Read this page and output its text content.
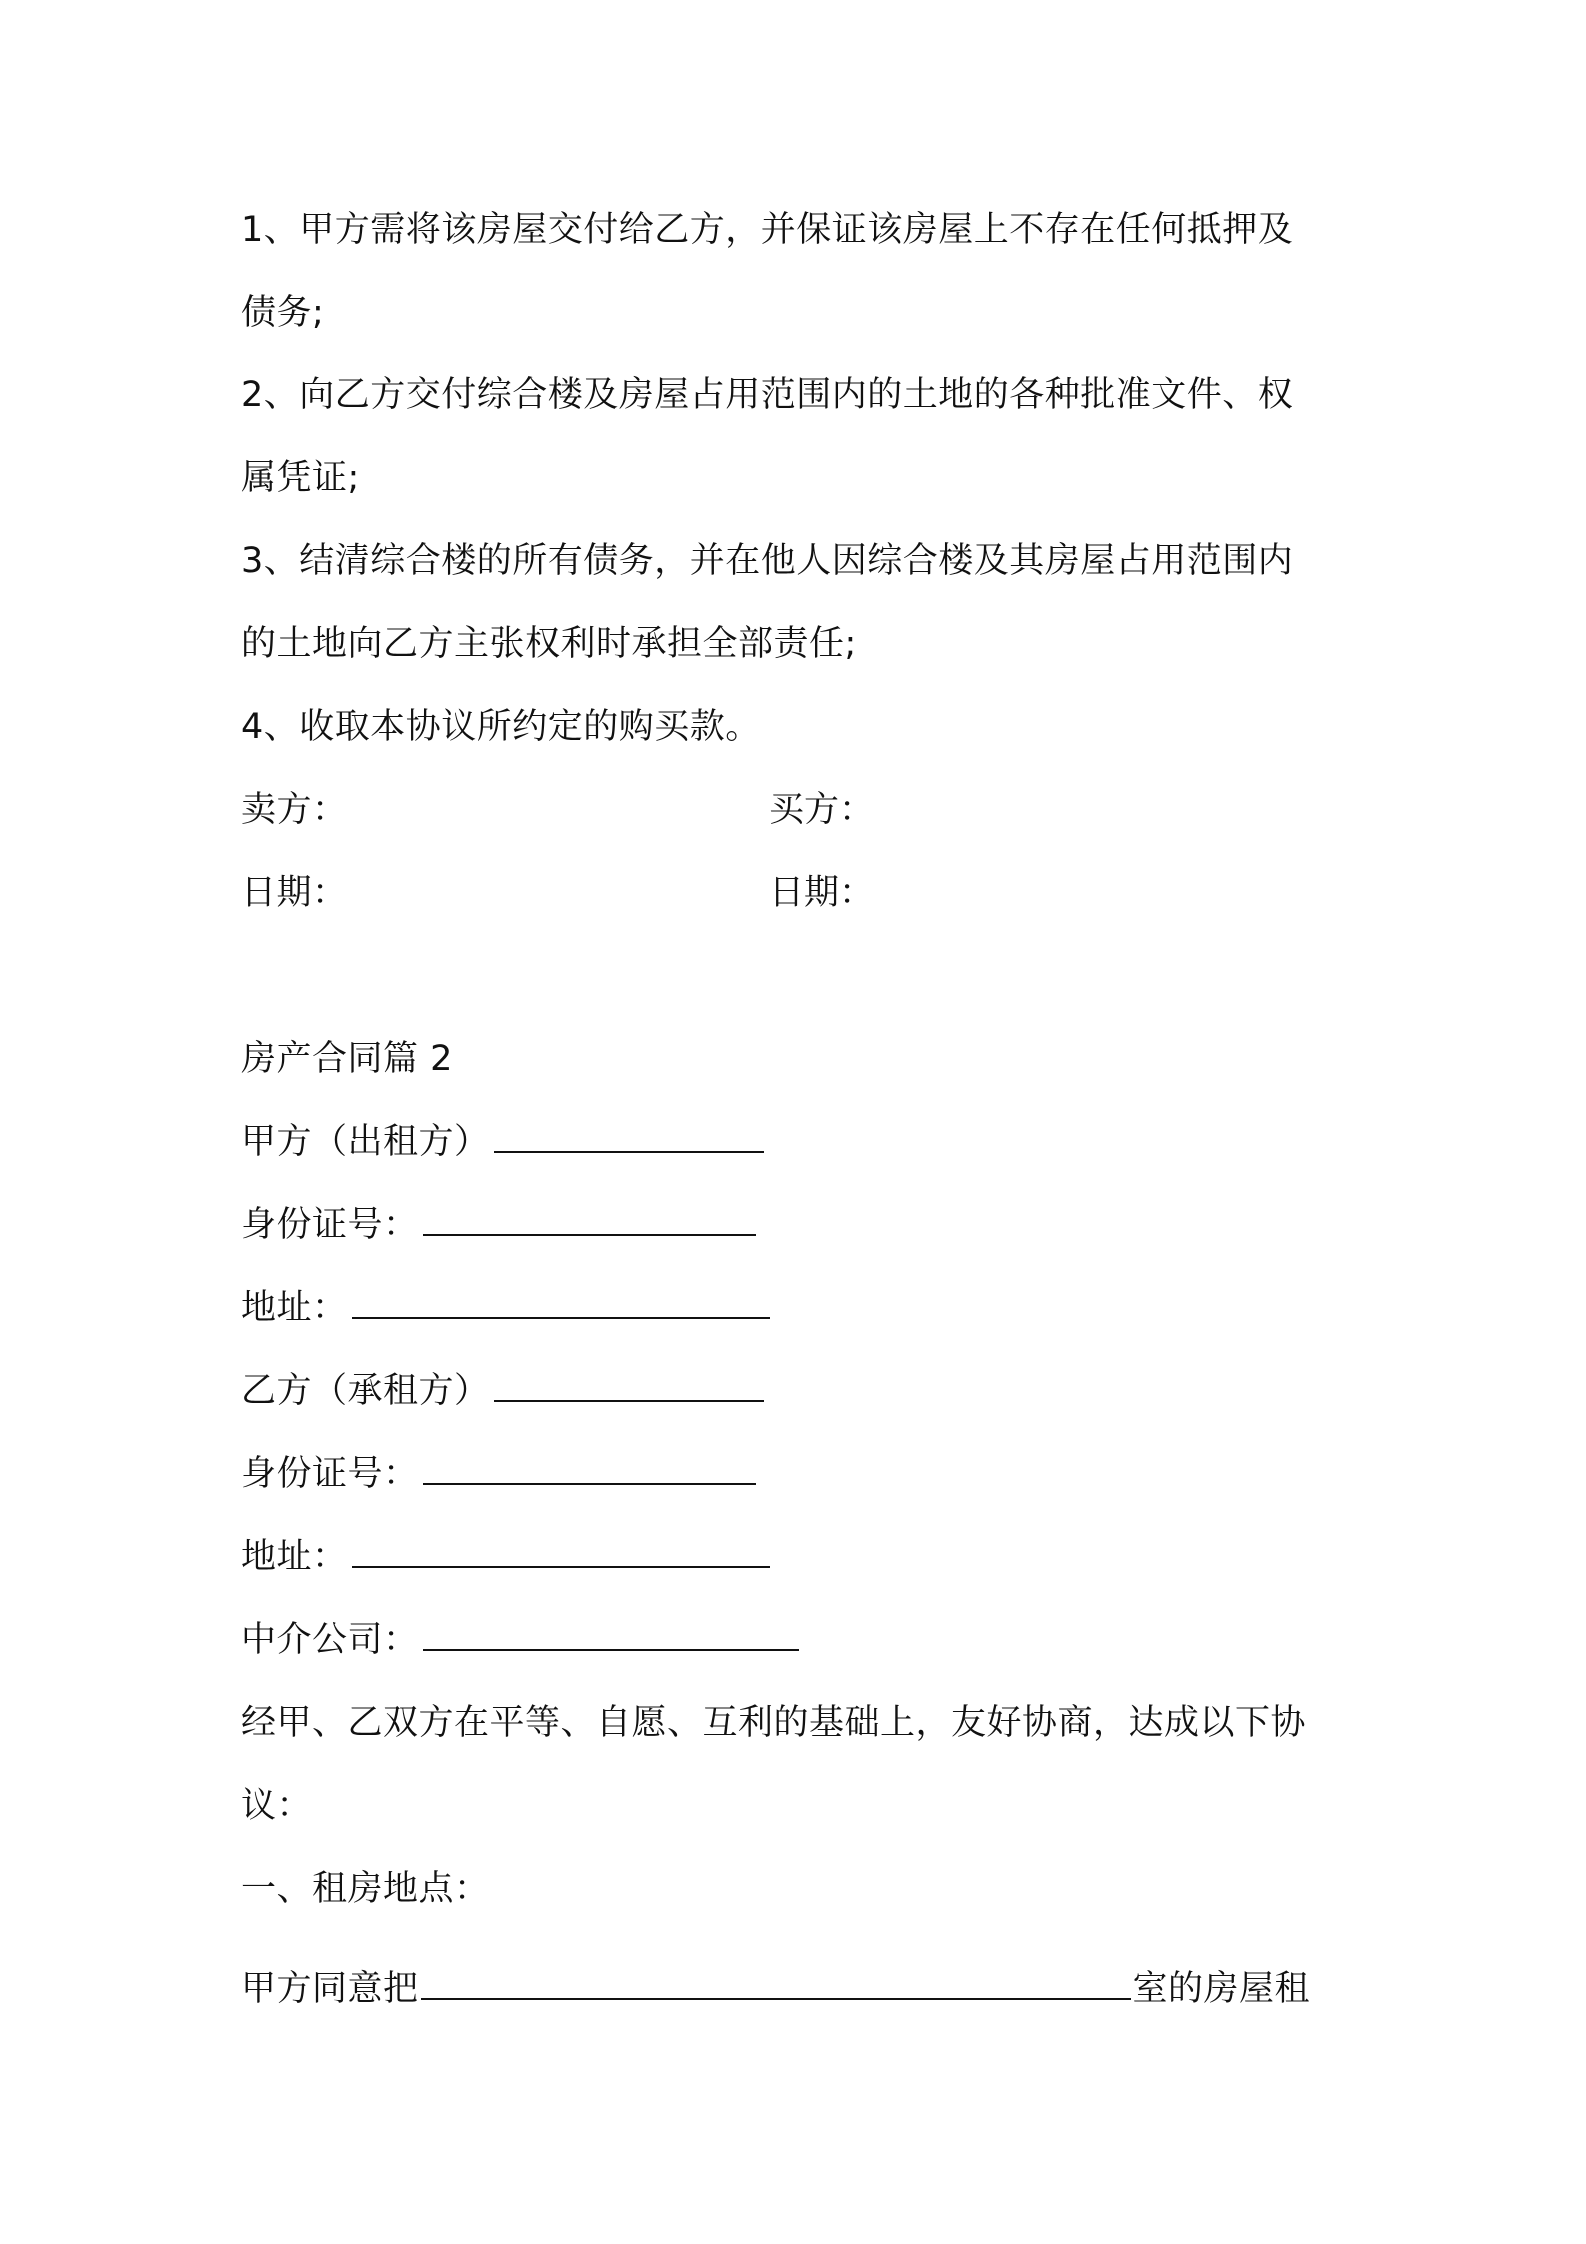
1、甲方需将该房屋交付给乙方，并保证该房屋上不存在任何抵押及
债务;
2、向乙方交付综合楼及房屋占用范围内的土地的各种批准文件、权
属凭证;
3、结清综合楼的所有债务，并在他人因综合楼及其房屋占用范围内
的土地向乙方主张权利时承担全部责任;
4、收取本协议所约定的购买款。
卖方：	买方：
日期：	日期：
房产合同篇 2
甲方（出租方）
身份证号：
地址：
乙方（承租方）
身份证号：
地址：
中介公司：
经甲、乙双方在平等、自愿、互利的基础上，友好协商，达成以下协
议：
一、租房地点：
甲方同意把	室的房屋租
